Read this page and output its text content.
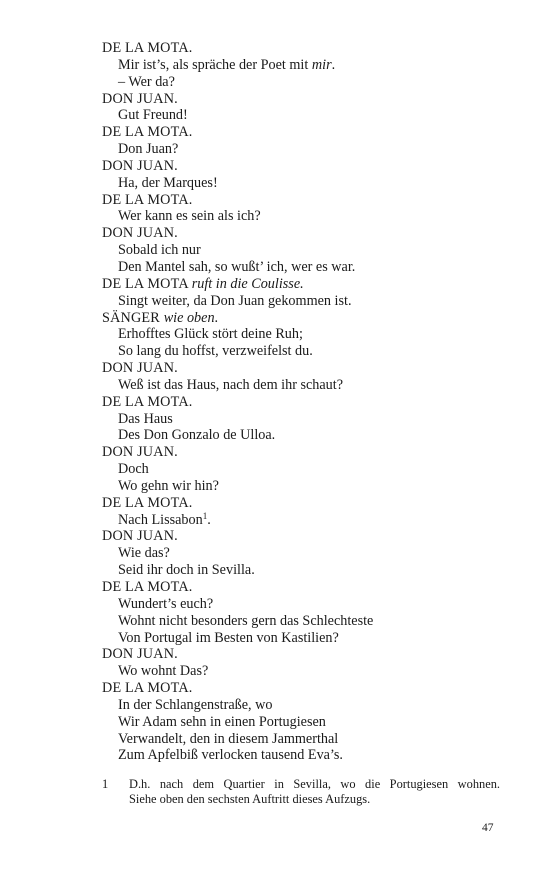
DE LA MOTA.
Mir ist’s, als spräche der Poet mit mir.
– Wer da?
DON JUAN.
Gut Freund!
DE LA MOTA.
Don Juan?
DON JUAN.
Ha, der Marques!
DE LA MOTA.
Wer kann es sein als ich?
DON JUAN.
Sobald ich nur
Den Mantel sah, so wußt’ ich, wer es war.
DE LA MOTA ruft in die Coulisse.
Singt weiter, da Don Juan gekommen ist.
SÄNGER wie oben.
Erhofftes Glück stört deine Ruh;
So lang du hoffst, verzweifelst du.
DON JUAN.
Weß ist das Haus, nach dem ihr schaut?
DE LA MOTA.
Das Haus
Des Don Gonzalo de Ulloa.
DON JUAN.
Doch
Wo gehn wir hin?
DE LA MOTA.
Nach Lissabon$^1$.
DON JUAN.
Wie das?
Seid ihr doch in Sevilla.
DE LA MOTA.
Wundert’s euch?
Wohnt nicht besonders gern das Schlechteste
Von Portugal im Besten von Kastilien?
DON JUAN.
Wo wohnt Das?
DE LA MOTA.
In der Schlangenstraße, wo
Wir Adam sehn in einen Portugiesen
Verwandelt, den in diesem Jammerthal
Zum Apfelbiß verlocken tausend Eva’s.
1 D.h. nach dem Quartier in Sevilla, wo die Portugiesen wohnen.
Siehe oben den sechsten Auftritt dieses Aufzugs.
47
